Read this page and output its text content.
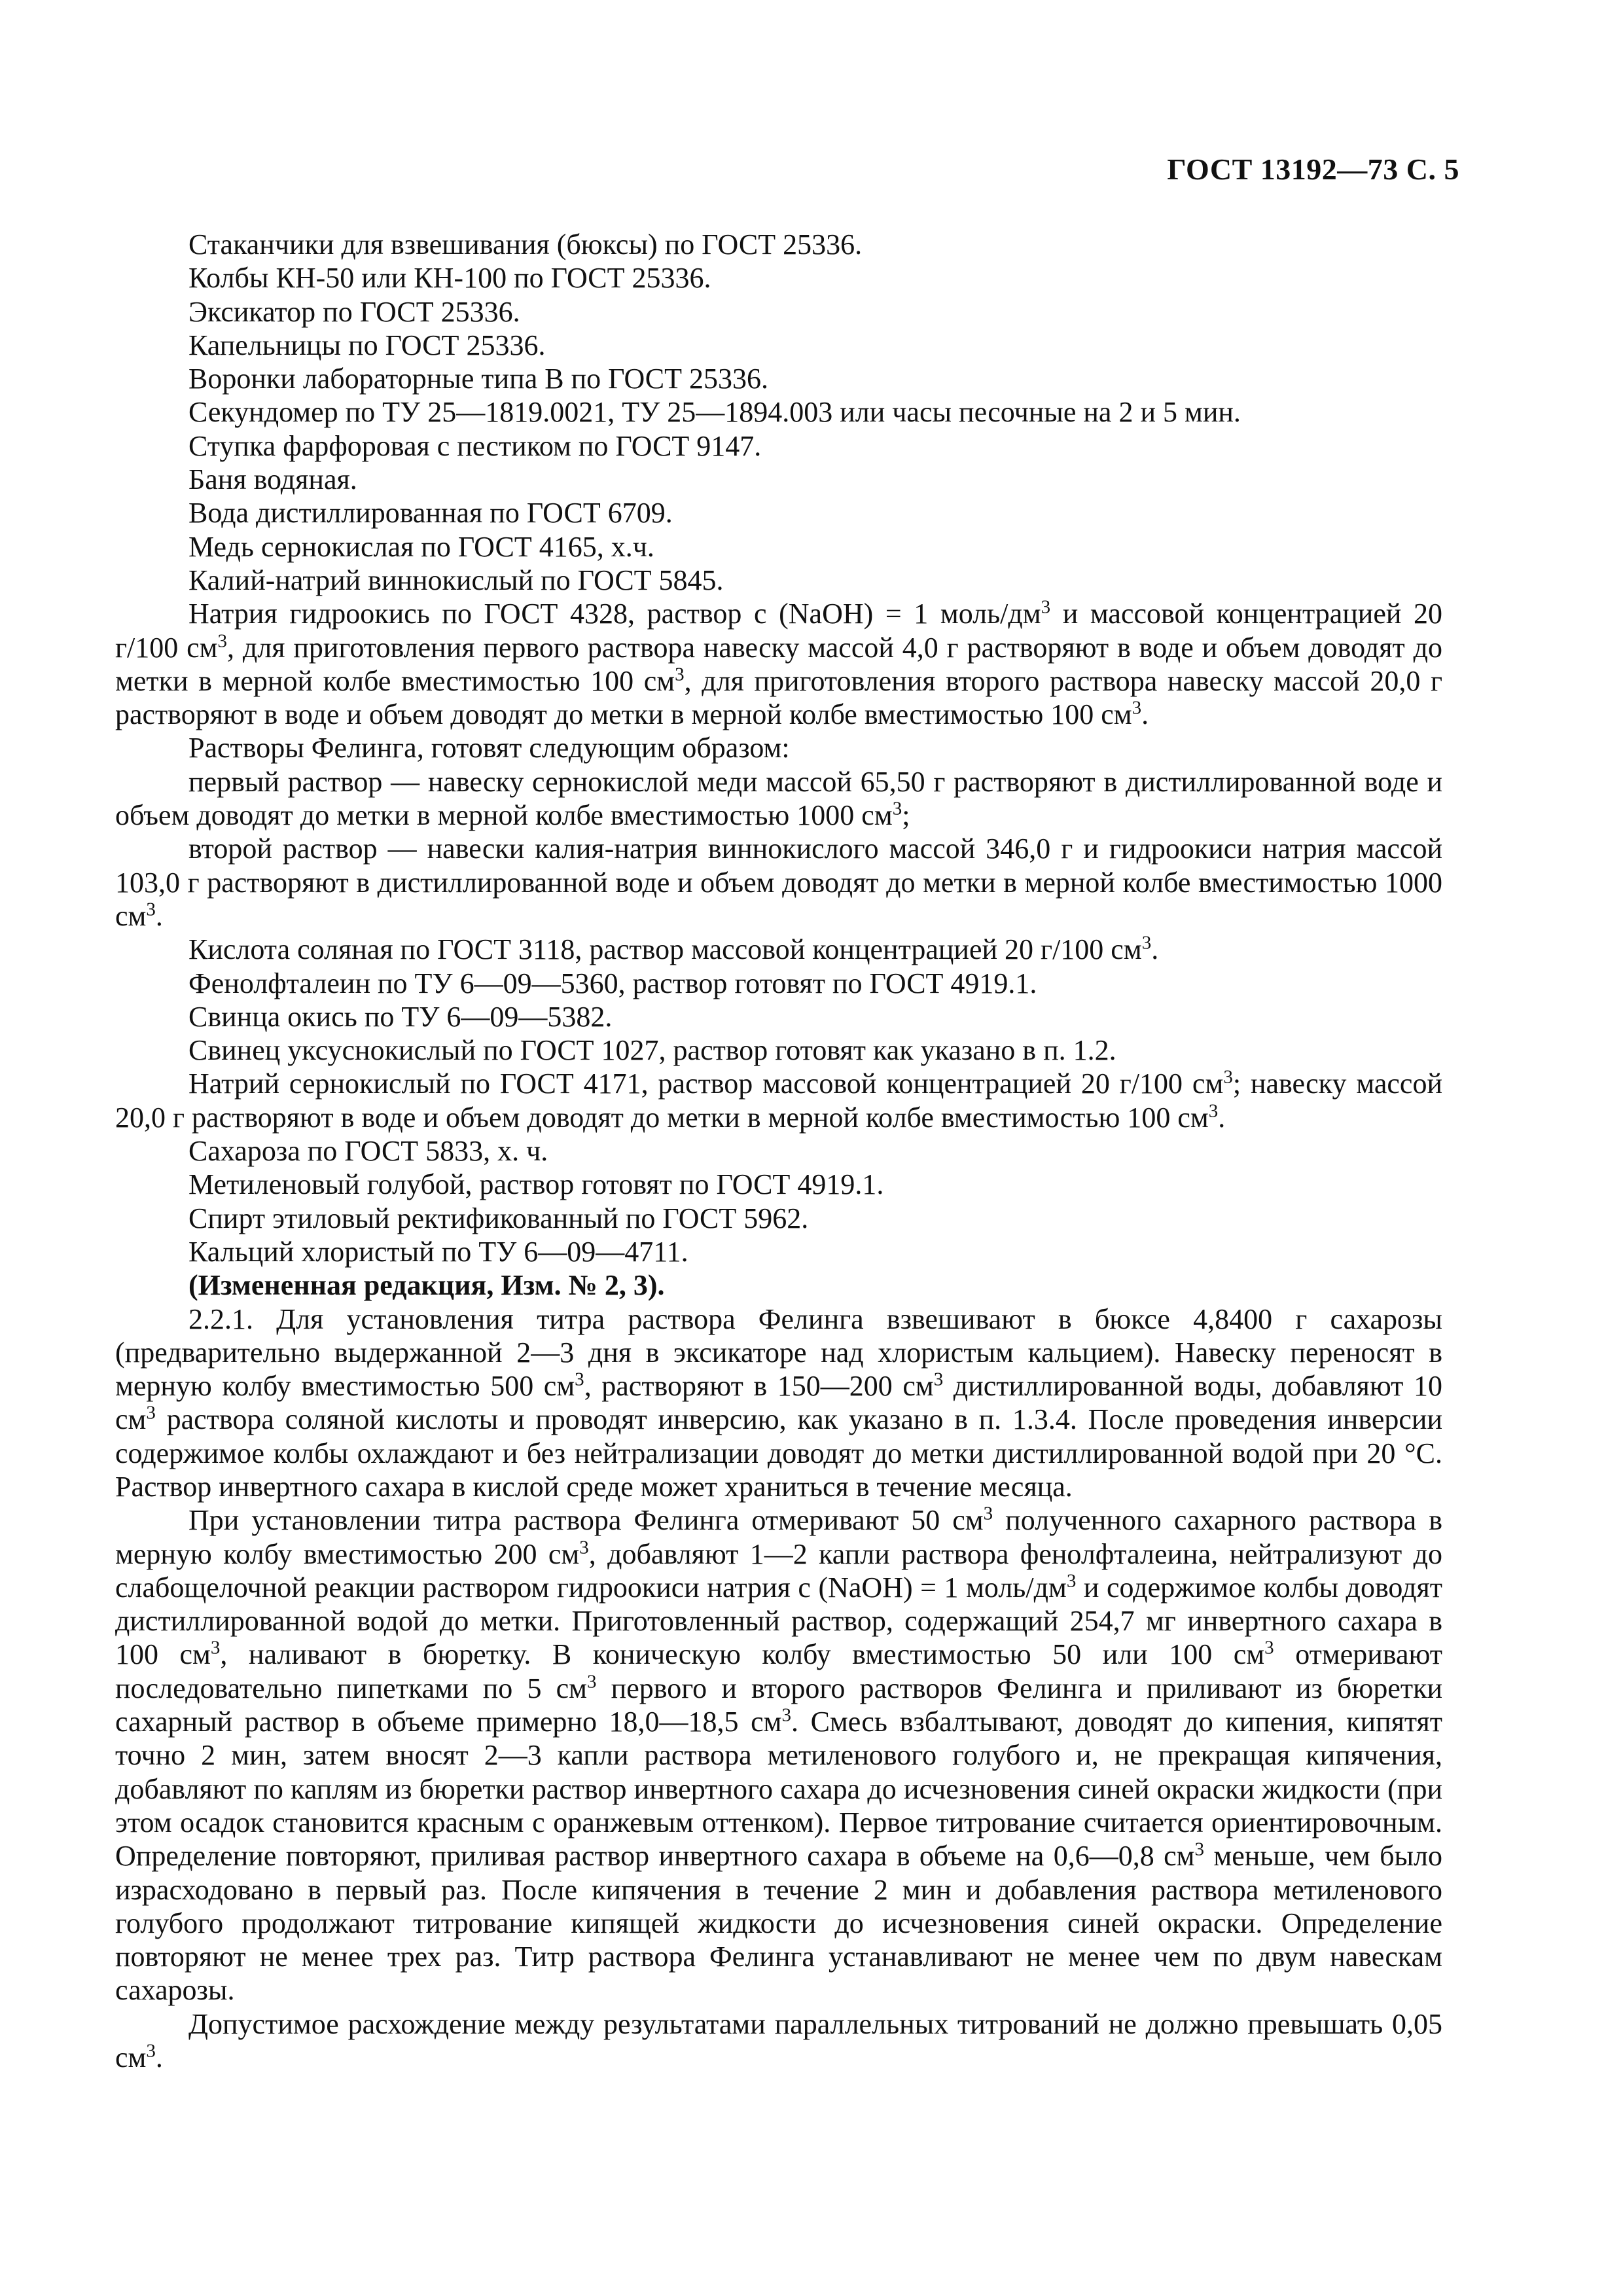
ГОСТ 13192—73 С. 5

Стаканчики для взвешивания (бюксы) по ГОСТ 25336.

Колбы КН-50 или КН-100 по ГОСТ 25336.

Эксикатор по ГОСТ 25336.

Капельницы по ГОСТ 25336.

Воронки лабораторные типа В по ГОСТ 25336.

Секундомер по ТУ 25—1819.0021, ТУ 25—1894.003 или часы песочные на 2 и 5 мин.

Ступка фарфоровая с пестиком по ГОСТ 9147.

Баня водяная.

Вода дистиллированная по ГОСТ 6709.

Медь сернокислая по ГОСТ 4165, х.ч.

Калий-натрий виннокислый по ГОСТ 5845.

Натрия гидроокись по ГОСТ 4328, раствор c (NaOH) = 1 моль/$дм^3$ и массовой концентрацией 20 г/100 $см^3$, для приготовления первого раствора навеску массой 4,0 г растворяют в воде и объем доводят до метки в мерной колбе вместимостью 100 $см^3$, для приготовления второго раствора навеску массой 20,0 г растворяют в воде и объем доводят до метки в мерной колбе вместимостью 100 $см^3$.

Растворы Фелинга, готовят следующим образом:

первый раствор — навеску сернокислой меди массой 65,50 г растворяют в дистиллированной воде и объем доводят до метки в мерной колбе вместимостью 1000 $см^3$;

второй раствор — навески калия-натрия виннокислого массой 346,0 г и гидроокиси натрия массой 103,0 г растворяют в дистиллированной воде и объем доводят до метки в мерной колбе вместимостью 1000 $см^3$.

Кислота соляная по ГОСТ 3118, раствор массовой концентрацией 20 г/100 $см^3$.

Фенолфталеин по ТУ 6—09—5360, раствор готовят по ГОСТ 4919.1.

Свинца окись по ТУ 6—09—5382.

Свинец уксуснокислый по ГОСТ 1027, раствор готовят как указано в п. 1.2.

Натрий сернокислый по ГОСТ 4171, раствор массовой концентрацией 20 г/100 $см^3$; навеску массой 20,0 г растворяют в воде и объем доводят до метки в мерной колбе вместимостью 100 $см^3$.

Сахароза по ГОСТ 5833, х. ч.

Метиленовый голубой, раствор готовят по ГОСТ 4919.1.

Спирт этиловый ректификованный по ГОСТ 5962.

Кальций хлористый по ТУ 6—09—4711.

(Измененная редакция, Изм. № 2, 3).

2.2.1. Для установления титра раствора Фелинга взвешивают в бюксе 4,8400 г сахарозы (предварительно выдержанной 2—3 дня в эксикаторе над хлористым кальцием). Навеску переносят в мерную колбу вместимостью 500 $см^3$, растворяют в 150—200 $см^3$ дистиллированной воды, добавляют 10 $см^3$ раствора соляной кислоты и проводят инверсию, как указано в п. 1.3.4. После проведения инверсии содержимое колбы охлаждают и без нейтрализации доводят до метки дистиллированной водой при 20 °С. Раствор инвертного сахара в кислой среде может храниться в течение месяца.

При установлении титра раствора Фелинга отмеривают 50 $см^3$ полученного сахарного раствора в мерную колбу вместимостью 200 $см^3$, добавляют 1—2 капли раствора фенолфталеина, нейтрализуют до слабощелочной реакции раствором гидроокиси натрия c (NaOH) = 1 моль/$дм^3$ и содержимое колбы доводят дистиллированной водой до метки. Приготовленный раствор, содержащий 254,7 мг инвертного сахара в 100 $см^3$, наливают в бюретку. В коническую колбу вместимостью 50 или 100 $см^3$ отмеривают последовательно пипетками по 5 $см^3$ первого и второго растворов Фелинга и приливают из бюретки сахарный раствор в объеме примерно 18,0—18,5 $см^3$. Смесь взбалтывают, доводят до кипения, кипятят точно 2 мин, затем вносят 2—3 капли раствора метиленового голубого и, не прекращая кипячения, добавляют по каплям из бюретки раствор инвертного сахара до исчезновения синей окраски жидкости (при этом осадок становится красным с оранжевым оттенком). Первое титрование считается ориентировочным. Определение повторяют, приливая раствор инвертного сахара в объеме на 0,6—0,8 $см^3$ меньше, чем было израсходовано в первый раз. После кипячения в течение 2 мин и добавления раствора метиленового голубого продолжают титрование кипящей жидкости до исчезновения синей окраски. Определение повторяют не менее трех раз. Титр раствора Фелинга устанавливают не менее чем по двум навескам сахарозы.

Допустимое расхождение между результатами параллельных титрований не должно превышать 0,05 $см^3$.
